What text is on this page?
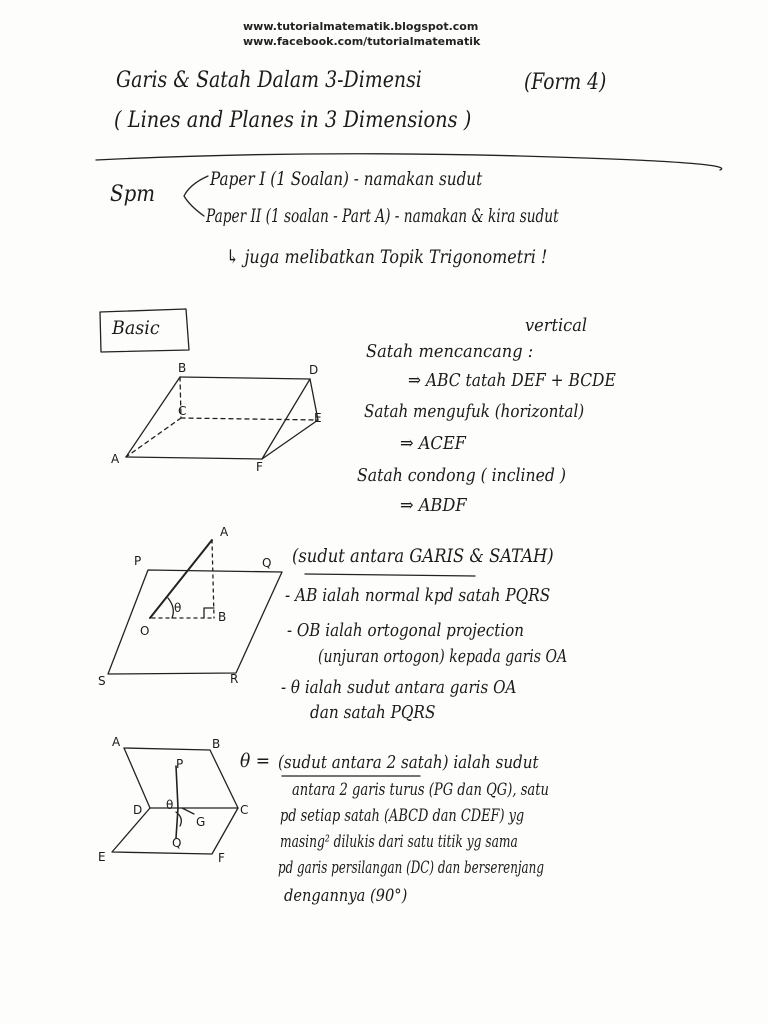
www.tutorialmatematik.blogspot.com
www.facebook.com/tutorialmatematik
Garis & Satah Dalam 3-Dimensi	(Form 4)
( Lines and Planes in 3 Dimensions )
Spm
Paper I (1 Soalan) - namakan sudut
Paper II (1 soalan - Part A) - namakan & kira sudut
↳ juga melibatkan Topik Trigonometri !
Basic	vertical
Satah mencancang :
⇒ ABC tatah DEF + BCDE
Satah mengufuk (horizontal)
⇒ ACEF
Satah condong ( inclined )
⇒ ABDF
(sudut antara GARIS & SATAH)
- AB ialah normal kpd satah PQRS
- OB ialah ortogonal projection
(unjuran ortogon) kepada garis OA
- θ ialah sudut antara garis OA
dan satah PQRS
θ = (sudut antara 2 satah) ialah sudut
antara 2 garis turus (PG dan QG), satu
pd setiap satah (ABCD dan CDEF) yg
masing² dilukis dari satu titik yg sama
pd garis persilangan (DC) dan berserenjang
dengannya (90°)
B	D
C	E
A
F
A
P	Q
θ
B
O
S	R
A	B
P
D θ
G
C
Q
E	F
